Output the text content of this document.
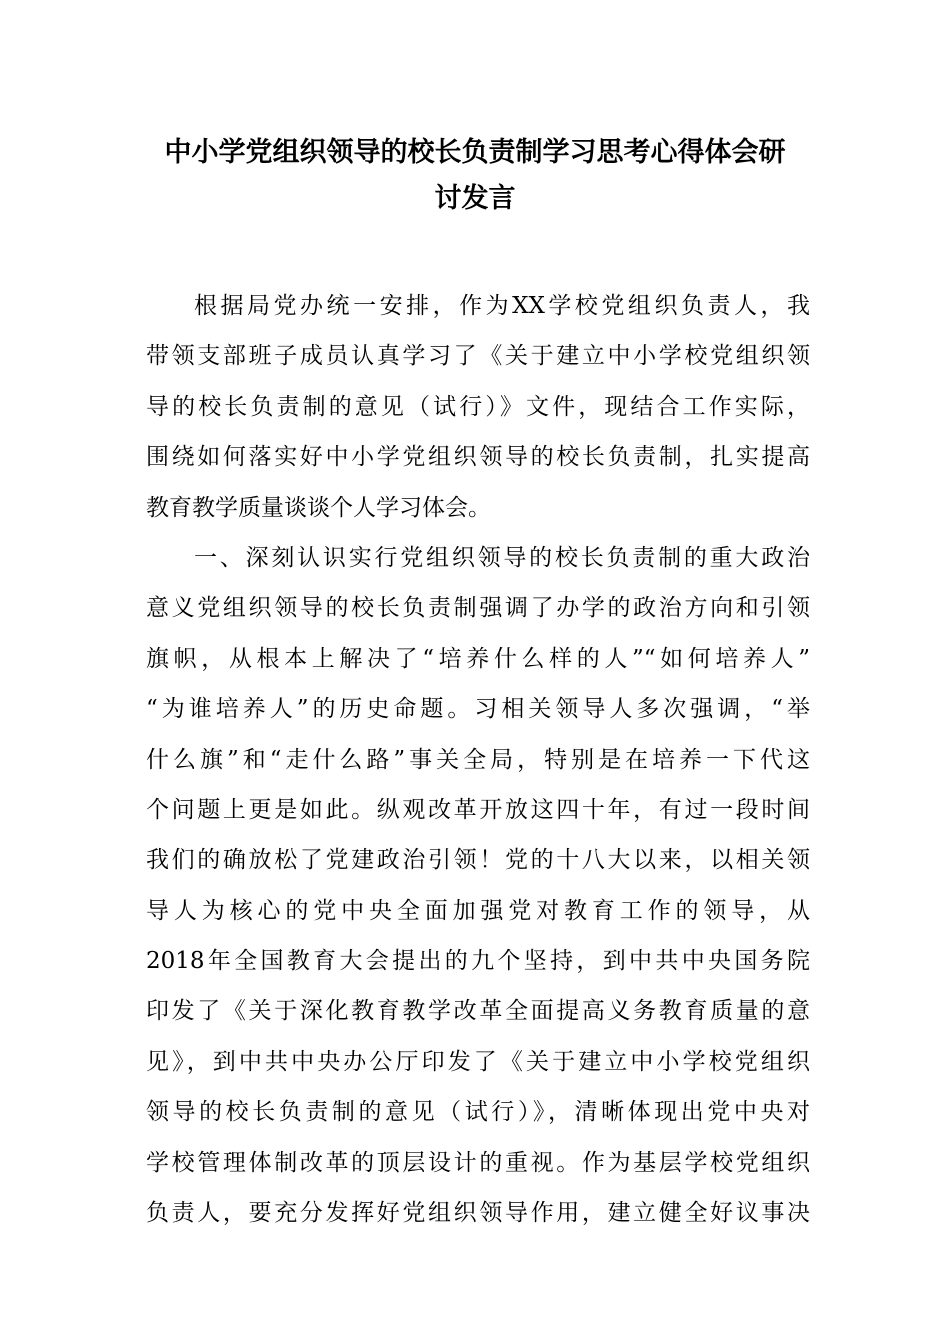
中小学党组织领导的校长负责制学习思考心得体会研
讨发言
根据局党办统一安排，作为XX学校党组织负责人，我
带领支部班子成员认真学习了《关于建立中小学校党组织领
导的校长负责制的意见（试行）》文件，现结合工作实际，
围绕如何落实好中小学党组织领导的校长负责制，扎实提高
教育教学质量谈谈个人学习体会。
一、深刻认识实行党组织领导的校长负责制的重大政治
意义党组织领导的校长负责制强调了办学的政治方向和引领
旗帜，从根本上解决了“培养什么样的人”“如何培养人”
“为谁培养人”的历史命题。习相关领导人多次强调，“举
什么旗”和“走什么路”事关全局，特别是在培养一下代这
个问题上更是如此。纵观改革开放这四十年，有过一段时间
我们的确放松了党建政治引领！党的十八大以来，以相关领
导人为核心的党中央全面加强党对教育工作的领导，从
2018年全国教育大会提出的九个坚持，到中共中央国务院
印发了《关于深化教育教学改革全面提高义务教育质量的意
见》，到中共中央办公厅印发了《关于建立中小学校党组织
领导的校长负责制的意见（试行）》，清晰体现出党中央对
学校管理体制改革的顶层设计的重视。作为基层学校党组织
负责人，要充分发挥好党组织领导作用，建立健全好议事决
